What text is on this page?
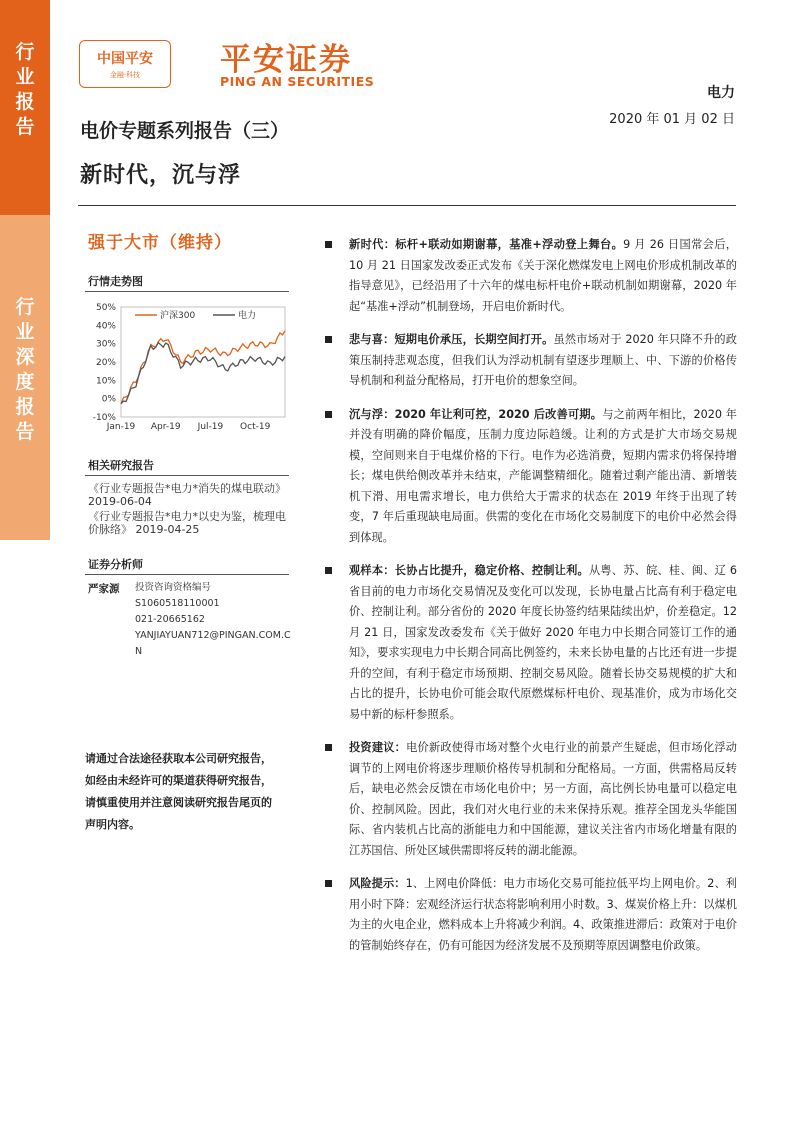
行
业
报
告
行
业
深
度
报
告
中国平安
金融·科技	平安证券
PING AN SECURITIES
电力
2020 年 01 月 02 日
电价专题系列报告（三）
新时代，沉与浮
强于大市（维持）
行情走势图
-10%
0%
10%
20%
30%
40%
50%
Jan-19 Apr-19 Jul-19 Oct-19
沪深300	电力
相关研究报告
《行业专题报告*电力*消失的煤电联动》 2019-06-04
《行业专题报告*电力*以史为鉴，梳理电价脉络》 2019-04-25
证券分析师
严家源 投资咨询资格编号
S1060518110001
021-20665162
YANJIAYUAN712@PINGAN.COM.C
N
请通过合法途径获取本公司研究报告，如经由未经许可的渠道获得研究报告，请慎重使用并注意阅读研究报告尾页的声明内容。
新时代：标杆+联动如期谢幕，基准+浮动登上舞台。9 月 26 日国常会后，10 月 21 日国家发改委正式发布《关于深化燃煤发电上网电价形成机制改革的指导意见》，已经沿用了十六年的煤电标杆电价+联动机制如期谢幕，2020 年起“基准+浮动”机制登场，开启电价新时代。
悲与喜：短期电价承压，长期空间打开。虽然市场对于 2020 年只降不升的政策压制持悲观态度，但我们认为浮动机制有望逐步理顺上、中、下游的价格传导机制和利益分配格局，打开电价的想象空间。
沉与浮：2020 年让利可控，2020 后改善可期。与之前两年相比，2020 年并没有明确的降价幅度，压制力度边际趋缓。让利的方式是扩大市场交易规模，空间则来自于电煤价格的下行。电作为必选消费，短期内需求仍将保持增长；煤电供给侧改革并未结束，产能调整精细化。随着过剩产能出清、新增装机下滑、用电需求增长，电力供给大于需求的状态在 2019 年终于出现了转变，7 年后重现缺电局面。供需的变化在市场化交易制度下的电价中必然会得到体现。
观样本：长协占比提升，稳定价格、控制让利。从粤、苏、皖、桂、闽、辽 6 省目前的电力市场化交易情况及变化可以发现，长协电量占比高有利于稳定电价、控制让利。部分省份的 2020 年度长协签约结果陆续出炉，价差稳定。12 月 21 日，国家发改委发布《关于做好 2020 年电力中长期合同签订工作的通知》，要求实现电力中长期合同高比例签约，未来长协电量的占比还有进一步提升的空间，有利于稳定市场预期、控制交易风险。随着长协交易规模的扩大和占比的提升，长协电价可能会取代原燃煤标杆电价、现基准价，成为市场化交易中新的标杆参照系。
投资建议：电价新政使得市场对整个火电行业的前景产生疑虑，但市场化浮动调节的上网电价将逐步理顺价格传导机制和分配格局。一方面，供需格局反转后，缺电必然会反馈在市场化电价中；另一方面，高比例长协电量可以稳定电价、控制风险。因此，我们对火电行业的未来保持乐观。推荐全国龙头华能国际、省内装机占比高的浙能电力和中国能源，建议关注省内市场化增量有限的江苏国信、所处区域供需即将反转的湖北能源。
风险提示：1、上网电价降低：电力市场化交易可能拉低平均上网电价。2、利用小时下降：宏观经济运行状态将影响利用小时数。3、煤炭价格上升：以煤机为主的火电企业，燃料成本上升将减少利润。4、政策推进滞后：政策对于电价的管制始终存在，仍有可能因为经济发展不及预期等原因调整电价政策。
